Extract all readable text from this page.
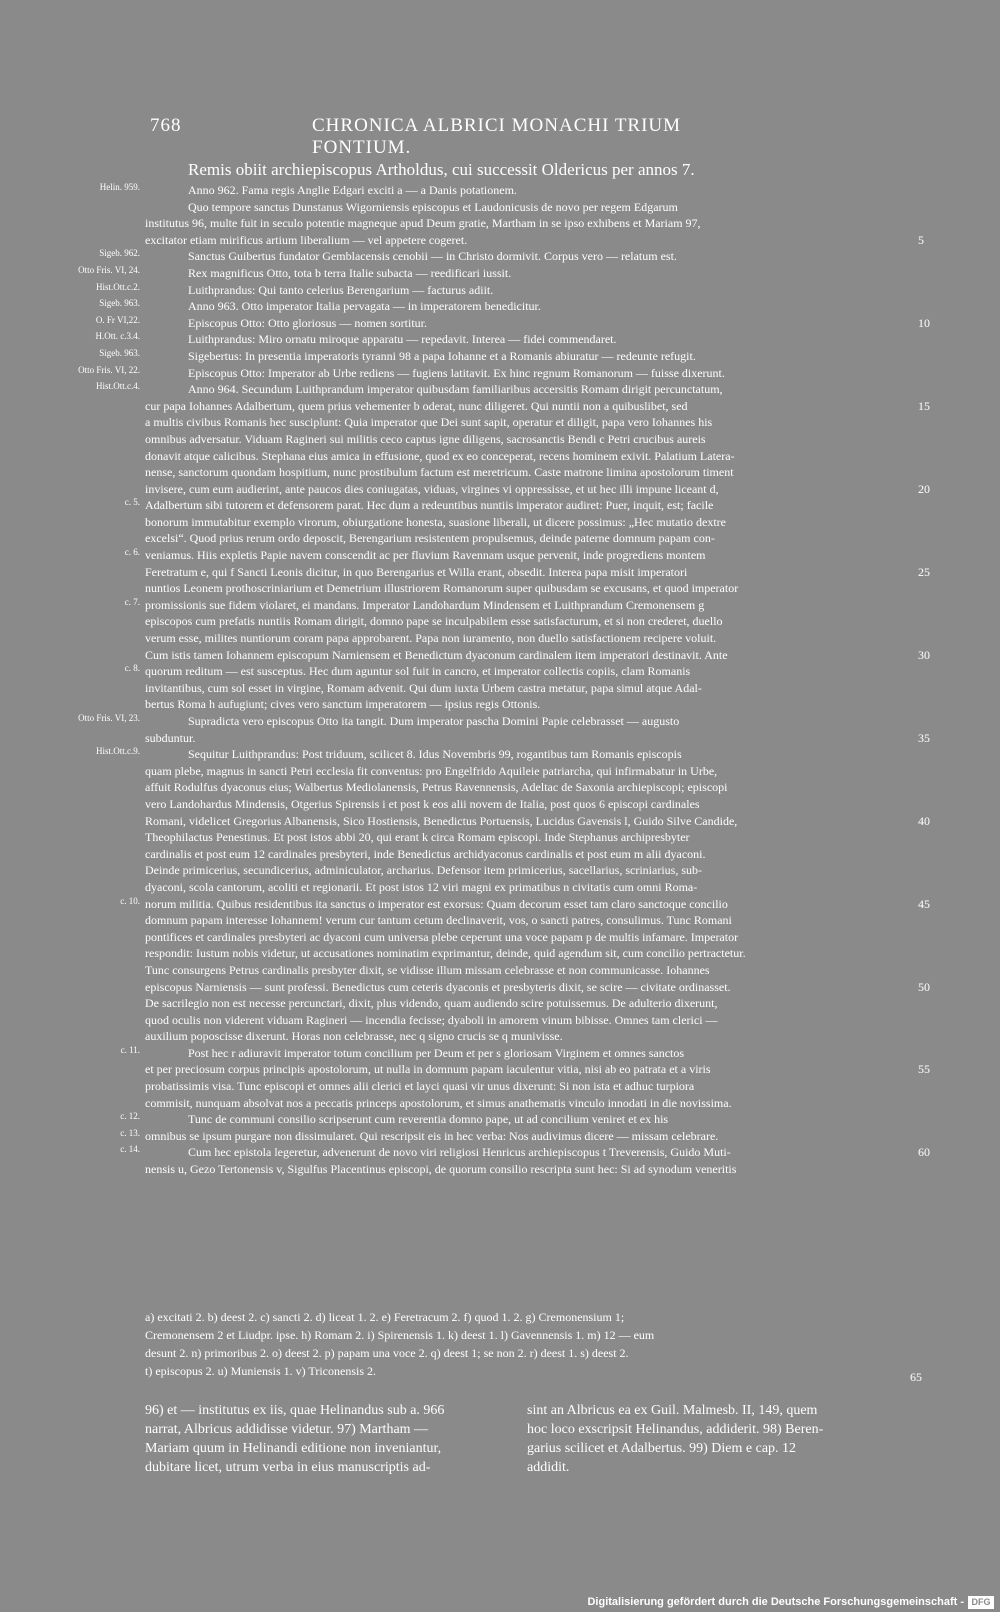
768	CHRONICA ALBRICI MONACHI TRIUM FONTIUM.
Remis obiit archiepiscopus Artholdus, cui successit Oldericus per annos 7.
Helin. 959.	Anno 962. Fama regis Anglie Edgari exciti a — a Danis potationem.
Quo tempore sanctus Dunstanus Wigorniensis episcopus et Laudonicusis de novo per regem Edgarum
institutus 96, multe fuit in seculo potentie magneque apud Deum gratie, Martham in se ipso exhibens et Mariam 97,
excitator etiam mirificus artium liberalium — vel appetere cogeret.	5
Sigeb. 962.	Sanctus Guibertus fundator Gemblacensis cenobii — in Christo dormivit. Corpus vero — relatum est.
Otto Fris. VI, 24.	Rex magnificus Otto, tota b terra Italie subacta — reedificari iussit.
Hist.Ott.c.2.	Luithprandus: Qui tanto celerius Berengarium — facturus adiit.
Sigeb. 963.	Anno 963. Otto imperator Italia pervagata — in imperatorem benedicitur.
O. Fr VI,22.	Episcopus Otto: Otto gloriosus — nomen sortitur.	10
H.Ott. c.3.4.	Luithprandus: Miro ornatu miroque apparatu — repedavit. Interea — fidei commendaret.
Sigeb. 963.	Sigebertus: In presentia imperatoris tyranni 98 a papa Iohanne et a Romanis abiuratur — redeunte refugit.
Otto Fris. VI, 22.	Episcopus Otto: Imperator ab Urbe rediens — fugiens latitavit. Ex hinc regnum Romanorum — fuisse dixerunt.
Hist.Ott.c.4.	Anno 964. Secundum Luithprandum imperator quibusdam familiaribus accersitis Romam dirigit percunctatum,
cur papa Iohannes Adalbertum, quem prius vehementer b oderat, nunc diligeret. Qui nuntii non a quibuslibet, sed	15
a multis civibus Romanis hec susciplunt: Quia imperator que Dei sunt sapit, operatur et diligit, papa vero Iohannes his
omnibus adversatur. Viduam Ragineri sui militis ceco captus igne diligens, sacrosanctis Bendi c Petri crucibus aureis
donavit atque calicibus. Stephana eius amica in effusione, quod ex eo conceperat, recens hominem exivit. Palatium Latera-
nense, sanctorum quondam hospitium, nunc prostibulum factum est meretricum. Caste matrone limina apostolorum timent
invisere, cum eum audierint, ante paucos dies coniugatas, viduas, virgines vi oppressisse, et ut hec illi impune liceant d,	20
c. 5. Adalbertum sibi tutorem et defensorem parat. Hec dum a redeuntibus nuntiis imperator audiret: Puer, inquit, est; facile
bonorum immutabitur exemplo virorum, obiurgatione honesta, suasione liberali, ut dicere possimus: „Hec mutatio dextre
excelsi“. Quod prius rerum ordo deposcit, Berengarium resistentem propulsemus, deinde paterne domnum papam con-
c. 6. veniamus. Hiis expletis Papie navem conscendit ac per fluvium Ravennam usque pervenit, inde progrediens montem
Feretratum e, qui f Sancti Leonis dicitur, in quo Berengarius et Willa erant, obsedit. Interea papa misit imperatori	25
nuntios Leonem prothoscriniarium et Demetrium illustriorem Romanorum super quibusdam se excusans, et quod imperator
c. 7. promissionis sue fidem violaret, ei mandans. Imperator Landohardum Mindensem et Luithprandum Cremonensem g
episcopos cum prefatis nuntiis Romam dirigit, domno pape se inculpabilem esse satisfacturum, et si non crederet, duello
verum esse, milites nuntiorum coram papa approbarent. Papa non iuramento, non duello satisfactionem recipere voluit.
Cum istis tamen Iohannem episcopum Narniensem et Benedictum dyaconum cardinalem item imperatori destinavit. Ante	30
c. 8. quorum reditum — est susceptus. Hec dum aguntur sol fuit in cancro, et imperator collectis copiis, clam Romanis
invitantibus, cum sol esset in virgine, Romam advenit. Qui dum iuxta Urbem castra metatur, papa simul atque Adal-
bertus Roma h aufugiunt; cives vero sanctum imperatorem — ipsius regis Ottonis.
Otto Fris. VI, 23.	Supradicta vero episcopus Otto ita tangit. Dum imperator pascha Domini Papie celebrasset — augusto
subduntur.	35
Hist.Ott.c.9.	Sequitur Luithprandus: Post triduum, scilicet 8. Idus Novembris 99, rogantibus tam Romanis episcopis
quam plebe, magnus in sancti Petri ecclesia fit conventus: pro Engelfrido Aquileie patriarcha, qui infirmabatur in Urbe,
affuit Rodulfus dyaconus eius; Walbertus Mediolanensis, Petrus Ravennensis, Adeltac de Saxonia archiepiscopi; episcopi
vero Landohardus Mindensis, Otgerius Spirensis i et post k eos alii novem de Italia, post quos 6 episcopi cardinales
Romani, videlicet Gregorius Albanensis, Sico Hostiensis, Benedictus Portuensis, Lucidus Gavensis l, Guido Silve Candide,	40
Theophilactus Penestinus. Et post istos abbi 20, qui erant k circa Romam episcopi. Inde Stephanus archipresbyter
cardinalis et post eum 12 cardinales presbyteri, inde Benedictus archidyaconus cardinalis et post eum m alii dyaconi.
Deinde primicerius, secundicerius, adminiculator, archarius. Defensor item primicerius, sacellarius, scriniarius, sub-
dyaconi, scola cantorum, acoliti et regionarii. Et post istos 12 viri magni ex primatibus n civitatis cum omni Roma-
c. 10. norum militia. Quibus residentibus ita sanctus o imperator est exorsus: Quam decorum esset tam claro sanctoque concilio	45
domnum papam interesse Iohannem! verum cur tantum cetum declinaverit, vos, o sancti patres, consulimus. Tunc Romani
pontifices et cardinales presbyteri ac dyaconi cum universa plebe ceperunt una voce papam p de multis infamare. Imperator
respondit: Iustum nobis videtur, ut accusationes nominatim exprimantur, deinde, quid agendum sit, cum concilio pertractetur.
Tunc consurgens Petrus cardinalis presbyter dixit, se vidisse illum missam celebrasse et non communicasse. Iohannes
episcopus Narniensis — sunt professi. Benedictus cum ceteris dyaconis et presbyteris dixit, se scire — civitate ordinasset.	50
De sacrilegio non est necesse percunctari, dixit, plus videndo, quam audiendo scire potuissemus. De adulterio dixerunt,
quod oculis non viderent viduam Ragineri — incendia fecisse; dyaboli in amorem vinum bibisse. Omnes tam clerici —
auxilium poposcisse dixerunt. Horas non celebrasse, nec q signo crucis se q munivisse.
c. 11.	Post hec r adiuravit imperator totum concilium per Deum et per s gloriosam Virginem et omnes sanctos
et per preciosum corpus principis apostolorum, ut nulla in domnum papam iaculentur vitia, nisi ab eo patrata et a viris	55
probatissimis visa. Tunc episcopi et omnes alii clerici et layci quasi vir unus dixerunt: Si non ista et adhuc turpiora
commisit, nunquam absolvat nos a peccatis princeps apostolorum, et simus anathematis vinculo innodati in die novissima.
c. 12.	Tunc de communi consilio scripserunt cum reverentia domno pape, ut ad concilium veniret et ex his
c. 13. omnibus se ipsum purgare non dissimularet. Qui rescripsit eis in hec verba: Nos audivimus dicere — missam celebrare.
c. 14.	Cum hec epistola legeretur, advenerunt de novo viri religiosi Henricus archiepiscopus t Treverensis, Guido Muti-	60
nensis u, Gezo Tertonensis v, Sigulfus Placentinus episcopi, de quorum consilio rescripta sunt hec: Si ad synodum veneritis
a) excitati 2. b) deest 2. c) sancti 2. d) liceat 1. 2. e) Feretracum 2. f) quod 1. 2. g) Cremonensium 1;
Cremonensem 2 et Liudpr. ipse. h) Romam 2. i) Spirenensis 1. k) deest 1. l) Gavennensis 1. m) 12 — eum
desunt 2. n) primoribus 2. o) deest 2. p) papam una voce 2. q) deest 1; se non 2. r) deest 1. s) deest 2.
t) episcopus 2. u) Muniensis 1. v) Triconensis 2.	65
96) et — institutus ex iis, quae Helinandus sub a. 966
narrat, Albricus addidisse videtur. 97) Martham —
Mariam quum in Helinandi editione non inveniantur,
dubitare licet, utrum verba in eius manuscriptis ad-
sint an Albricus ea ex Guil. Malmesb. II, 149, quem
hoc loco exscripsit Helinandus, addiderit. 98) Beren-
garius scilicet et Adalbertus. 99) Diem e cap. 12
addidit.
Digitalisierung gefördert durch die Deutsche Forschungsgemeinschaft - DFG
